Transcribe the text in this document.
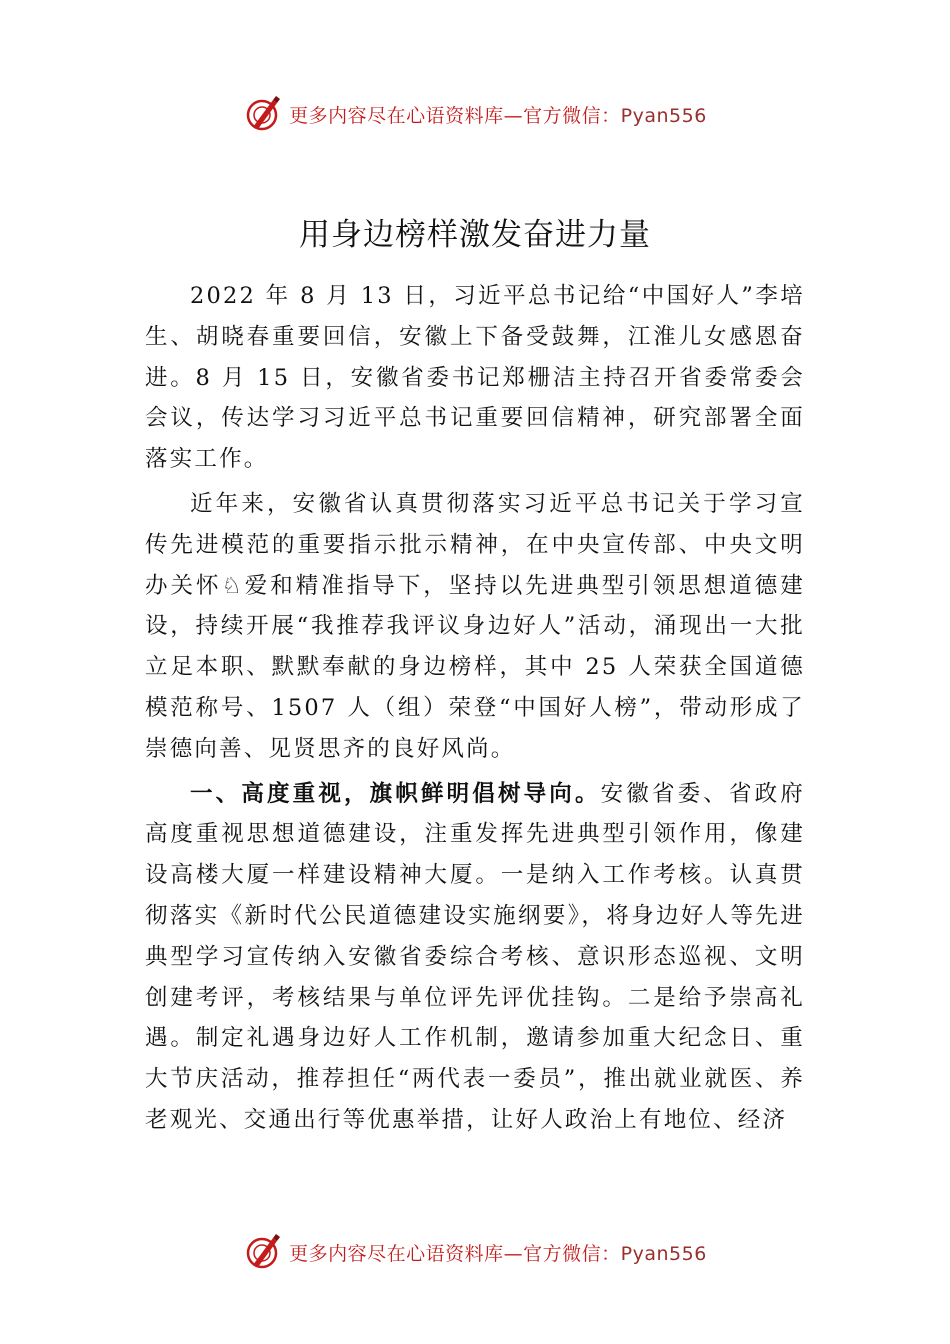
更多内容尽在心语资料库—官方微信：Pyan556
用身边榜样激发奋进力量

2022 年 8 月 13 日，习近平总书记给“中国好人”李培生、胡晓春重要回信，安徽上下备受鼓舞，江淮儿女感恩奋进。8 月 15 日，安徽省委书记郑栅洁主持召开省委常委会会议，传达学习习近平总书记重要回信精神，研究部署全面落实工作。

近年来，安徽省认真贯彻落实习近平总书记关于学习宣传先进模范的重要指示批示精神，在中央宣传部、中央文明办关怀♘爱和精准指导下，坚持以先进典型引领思想道德建设，持续开展“我推荐我评议身边好人”活动，涌现出一大批立足本职、默默奉献的身边榜样，其中 25 人荣获全国道德模范称号、1507 人（组）荣登“中国好人榜”，带动形成了崇德向善、见贤思齐的良好风尚。

一、高度重视，旗帜鲜明倡树导向。安徽省委、省政府高度重视思想道德建设，注重发挥先进典型引领作用，像建设高楼大厦一样建设精神大厦。一是纳入工作考核。认真贯彻落实《新时代公民道德建设实施纲要》，将身边好人等先进典型学习宣传纳入安徽省委综合考核、意识形态巡视、文明创建考评，考核结果与单位评先评优挂钩。二是给予崇高礼遇。制定礼遇身边好人工作机制，邀请参加重大纪念日、重大节庆活动，推荐担任“两代表一委员”，推出就业就医、养老观光、交通出行等优惠举措，让好人政治上有地位、经济

更多内容尽在心语资料库—官方微信：Pyan556
